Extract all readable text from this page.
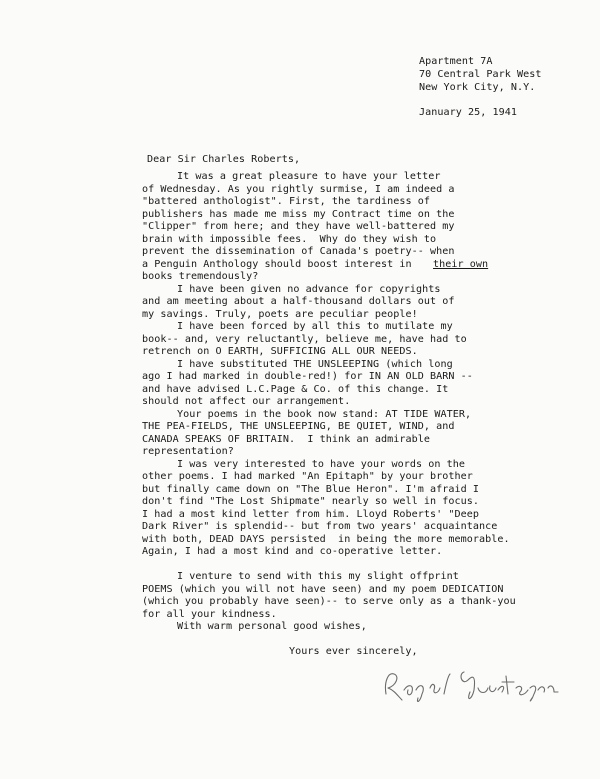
Apartment 7A
70 Central Park West
New York City, N.Y.
January 25, 1941
Dear Sir Charles Roberts,
It was a great pleasure to have your letter
of Wednesday. As you rightly surmise, I am indeed a
"battered anthologist". First, the tardiness of
publishers has made me miss my Contract time on the
"Clipper" from here; and they have well-battered my
brain with impossible fees.  Why do they wish to
prevent the dissemination of Canada's poetry-- when
a Penguin Anthology should boost interest in their own
books tremendously?
I have been given no advance for copyrights
and am meeting about a half-thousand dollars out of
my savings. Truly, poets are peculiar people!
I have been forced by all this to mutilate my
book-- and, very reluctantly, believe me, have had to
retrench on O EARTH, SUFFICING ALL OUR NEEDS.
I have substituted THE UNSLEEPING (which long
ago I had marked in double-red!) for IN AN OLD BARN --
and have advised L.C.Page & Co. of this change. It
should not affect our arrangement.
Your poems in the book now stand: AT TIDE WATER,
THE PEA-FIELDS, THE UNSLEEPING, BE QUIET, WIND, and
CANADA SPEAKS OF BRITAIN.  I think an admirable
representation?
I was very interested to have your words on the
other poems. I had marked "An Epitaph" by your brother
but finally came down on "The Blue Heron". I'm afraid I
don't find "The Lost Shipmate" nearly so well in focus.
I had a most kind letter from him. Lloyd Roberts' "Deep
Dark River" is splendid-- but from two years' acquaintance
with both, DEAD DAYS persisted  in being the more memorable.
Again, I had a most kind and co-operative letter.
I venture to send with this my slight offprint
POEMS (which you will not have seen) and my poem DEDICATION
(which you probably have seen)-- to serve only as a thank-you
for all your kindness.
With warm personal good wishes,
Yours ever sincerely,
